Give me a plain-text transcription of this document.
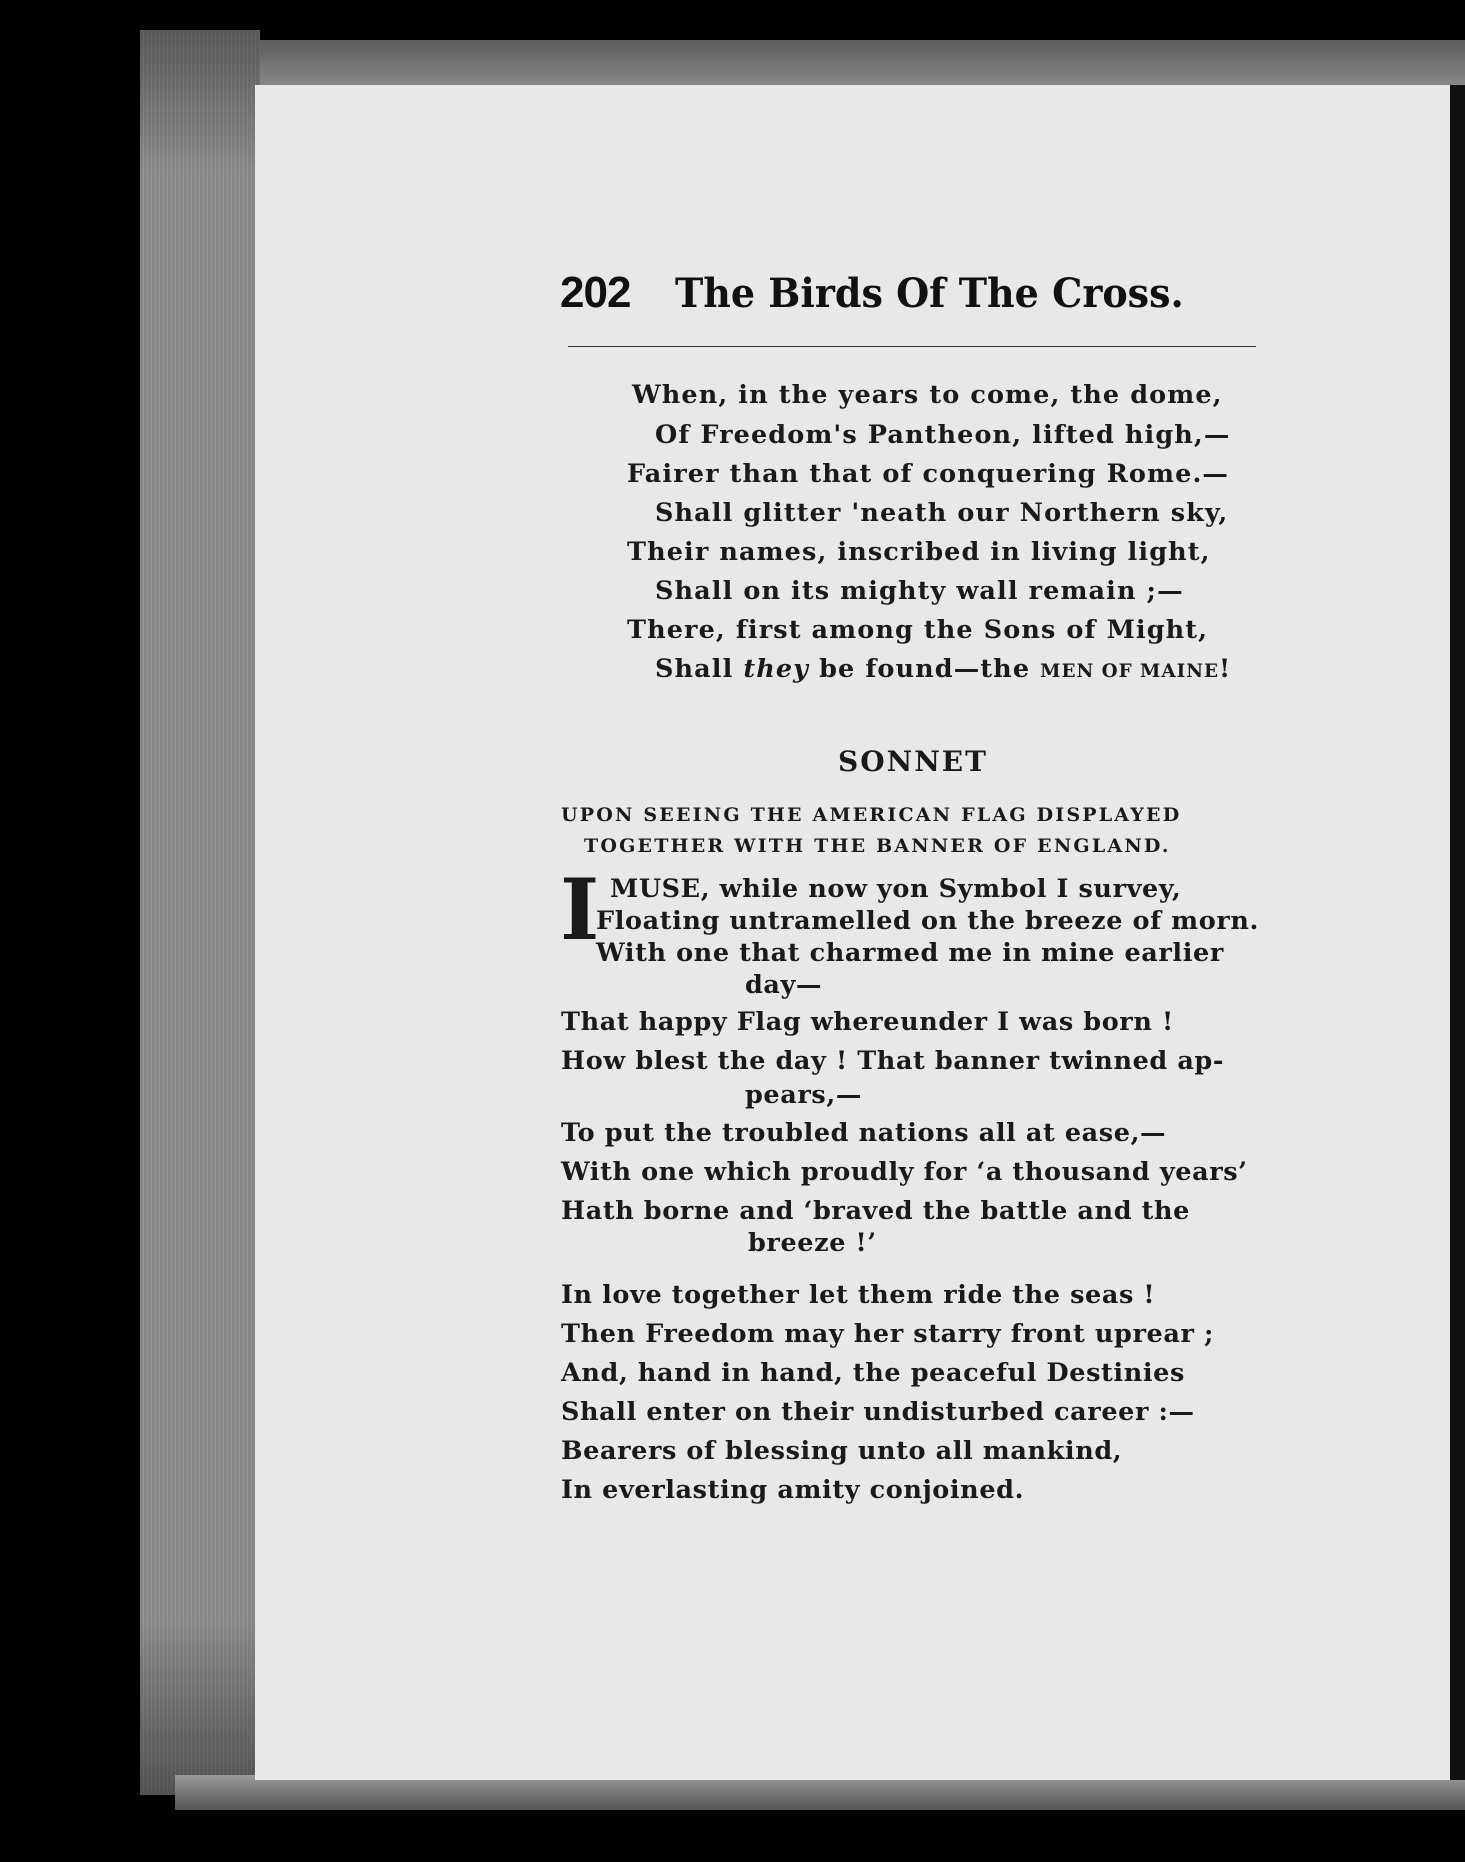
202 The Birds Of The Cross.
When, in the years to come, the dome,
Of Freedom's Pantheon, lifted high,—
Fairer than that of conquering Rome.—
Shall glitter 'neath our Northern sky,
Their names, inscribed in living light,
Shall on its mighty wall remain ;—
There, first among the Sons of Might,
Shall they be found—the MEN OF MAINE!
SONNET
UPON SEEING THE AMERICAN FLAG DISPLAYED
TOGETHER WITH THE BANNER OF ENGLAND.
I MUSE, while now yon Symbol I survey,
Floating untramelled on the breeze of morn.
With one that charmed me in mine earlier
day—
That happy Flag whereunder I was born !
How blest the day ! That banner twinned ap-
pears,—
To put the troubled nations all at ease,—
With one which proudly for ‘a thousand years’
Hath borne and ‘braved the battle and the
breeze !’
In love together let them ride the seas !
Then Freedom may her starry front uprear ;
And, hand in hand, the peaceful Destinies
Shall enter on their undisturbed career :—
Bearers of blessing unto all mankind,
In everlasting amity conjoined.
